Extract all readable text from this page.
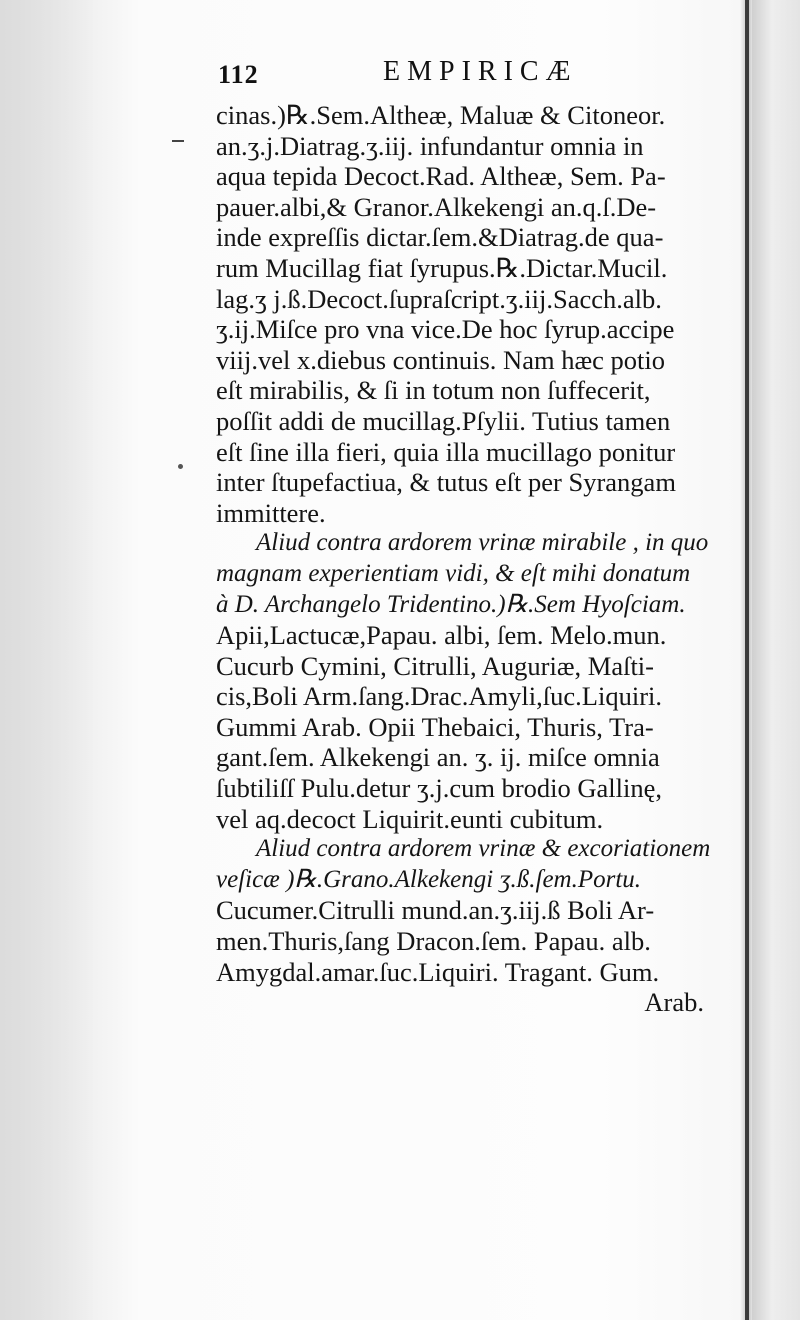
112	EMPIRICÆ
cinas.)℞.Sem.Altheæ, Maluæ & Citoneor.
an.ʒ.j.Diatrag.ʒ.iij. infundantur omnia in
aqua tepida Decoct.Rad. Altheæ, Sem. Pa-
pauer.albi,& Granor.Alkekengi an.q.ſ.De-
inde expreſſis dictar.ſem.&Diatrag.de qua-
rum Mucillag fiat ſyrupus.℞.Dictar.Mucil.
lag.ʒ j.ß.Decoct.ſupraſcript.ʒ.iij.Sacch.alb.
ʒ.ij.Miſce pro vna vice.De hoc ſyrup.accipe
viij.vel x.diebus continuis. Nam hæc potio
eſt mirabilis, & ſi in totum non ſuffecerit,
poſſit addi de mucillag.Pſylii. Tutius tamen
eſt ſine illa fieri, quia illa mucillago ponitur
inter ſtupefactiua, & tutus eſt per Syrangam
immittere.
Aliud contra ardorem vrinæ mirabile , in quo
magnam experientiam vidi, & eſt mihi donatum
à D. Archangelo Tridentino.)℞.Sem Hyoſciam.
Apii,Lactucæ,Papau. albi, ſem. Melo.mun.
Cucurb Cymini, Citrulli, Auguriæ, Maſti-
cis,Boli Arm.ſang.Drac.Amyli,ſuc.Liquiri.
Gummi Arab. Opii Thebaici, Thuris, Tra-
gant.ſem. Alkekengi an. ʒ. ij. miſce omnia
ſubtiliſſ Pulu.detur ʒ.j.cum brodio Gallinę,
vel aq.decoct Liquirit.eunti cubitum.
Aliud contra ardorem vrinæ & excoriationem
veſicæ )℞.Grano.Alkekengi ʒ.ß.ſem.Portu.
Cucumer.Citrulli mund.an.ʒ.iij.ß Boli Ar-
men.Thuris,ſang Dracon.ſem. Papau. alb.
Amygdal.amar.ſuc.Liquiri. Tragant. Gum.
Arab.
